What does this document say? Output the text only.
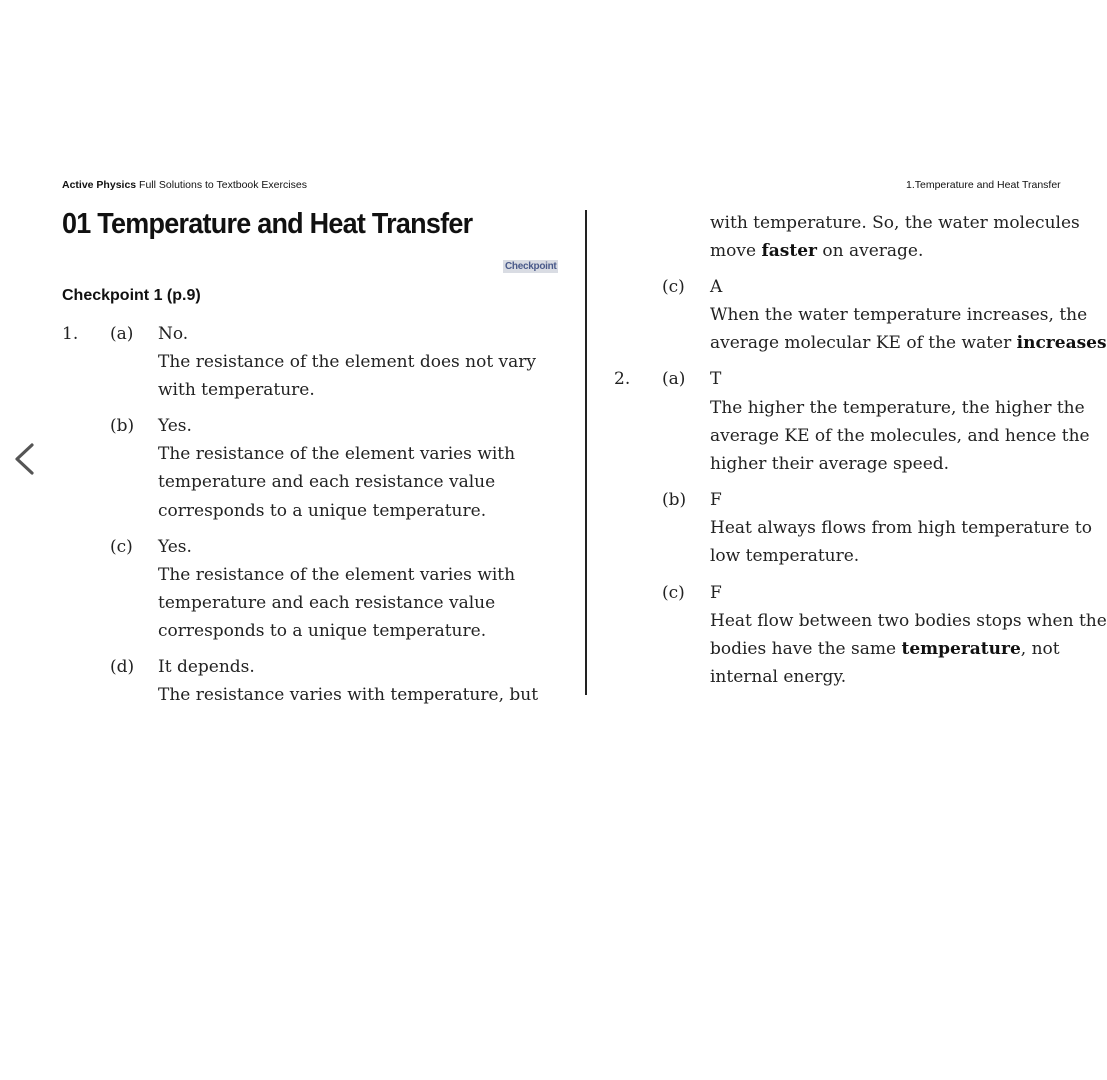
Active Physics Full Solutions to Textbook Exercises	1.Temperature and Heat Transfer
01 Temperature and Heat Transfer
Checkpoint
Checkpoint 1 (p.9)
1. (a) No.
The resistance of the element does not vary
with temperature.
(b) Yes.
The resistance of the element varies with
temperature and each resistance value
corresponds to a unique temperature.
(c) Yes.
The resistance of the element varies with
temperature and each resistance value
corresponds to a unique temperature.
(d) It depends.
The resistance varies with temperature, but
with temperature. So, the water molecules
move faster on average.
(c) A
When the water temperature increases, the
average molecular KE of the water increases
2. (a) T
The higher the temperature, the higher the
average KE of the molecules, and hence the
higher their average speed.
(b) F
Heat always flows from high temperature to
low temperature.
(c) F
Heat flow between two bodies stops when the
bodies have the same temperature, not
internal energy.
